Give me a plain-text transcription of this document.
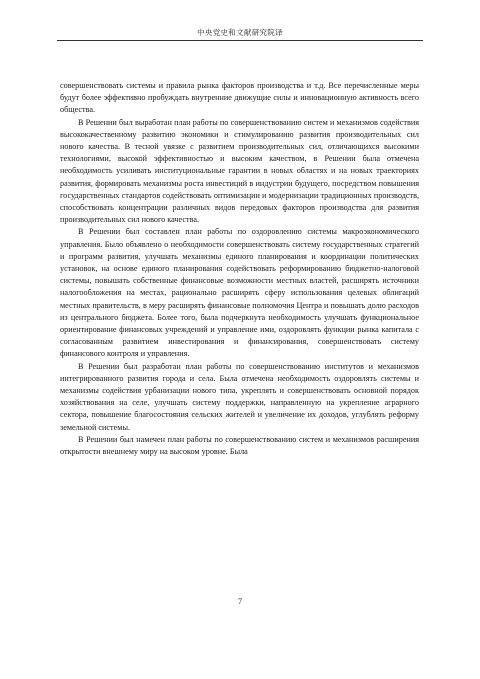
中央党史和文献研究院译

совершенствовать системы и правила рынка факторов производства и т.д. Все перечисленные меры будут более эффективно пробуждать внутренние движущие силы и инновационную активность всего общества.

В Решении был выработан план работы по совершенствованию систем и механизмов содействия высококачественному развитию экономики и стимулированию развития производительных сил нового качества. В тесной увязке с развитием производительных сил, отличающихся высокими технологиями, высокой эффективностью и высоким качеством, в Решении была отмечена необходимость усиливать институциональные гарантии в новых областях и на новых траекториях развития, формировать механизмы роста инвестиций в индустрии будущего, посредством повышения государственных стандартов содействовать оптимизации и модернизации традиционных производств, способствовать концентрации различных видов передовых факторов производства для развития производительных сил нового качества.

В Решении был составлен план работы по оздоровлению системы макроэкономического управления. Было объявлено о необходимости совершенствовать систему государственных стратегий и программ развития, улучшать механизмы единого планирования и координации политических установок, на основе единого планирования содействовать реформированию бюджетно-налоговой системы, повышать собственные финансовые возможности местных властей, расширять источники налогообложения на местах, рационально расширять сферу использования целевых облигаций местных правительств, в меру расширять финансовые полномочия Центра и повышать долю расходов из центрального бюджета. Более того, была подчеркнута необходимость улучшать функциональное ориентирование финансовых учреждений и управление ими, оздоровлять функции рынка капитала с согласованным развитием инвестирования и финансирования, совершенствовать систему финансового контроля и управления.

В Решении был разработан план работы по совершенствованию институтов и механизмов интегрированного развития города и села. Была отмечена необходимость оздоровлять системы и механизмы содействия урбанизации нового типа, укреплять и совершенствовать основной порядок хозяйствования на селе, улучшать систему поддержки, направленную на укрепление аграрного сектора, повышение благосостояния сельских жителей и увеличение их доходов, углублять реформу земельной системы.

В Решении был намечен план работы по совершенствованию систем и механизмов расширения открытости внешнему миру на высоком уровне. Была

7
